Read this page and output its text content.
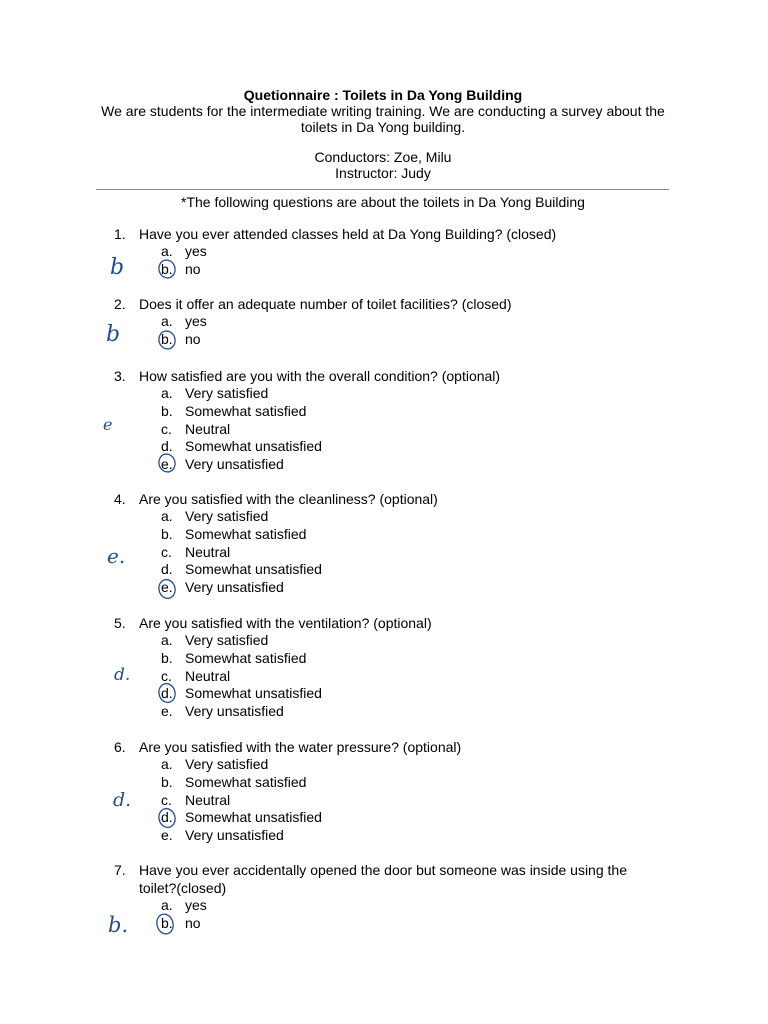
Quetionnaire : Toilets in Da Yong Building
We are students for the intermediate writing training. We are conducting a survey about the toilets in Da Yong building.
Conductors: Zoe, Milu
Instructor: Judy
*The following questions are about the toilets in Da Yong Building
1. Have you ever attended classes held at Da Yong Building? (closed)
a. yes
b. no
2. Does it offer an adequate number of toilet facilities? (closed)
a. yes
b. no
3. How satisfied are you with the overall condition? (optional)
a. Very satisfied
b. Somewhat satisfied
c. Neutral
d. Somewhat unsatisfied
e. Very unsatisfied
4. Are you satisfied with the cleanliness? (optional)
a. Very satisfied
b. Somewhat satisfied
c. Neutral
d. Somewhat unsatisfied
e. Very unsatisfied
5. Are you satisfied with the ventilation? (optional)
a. Very satisfied
b. Somewhat satisfied
c. Neutral
d. Somewhat unsatisfied
e. Very unsatisfied
6. Are you satisfied with the water pressure? (optional)
a. Very satisfied
b. Somewhat satisfied
c. Neutral
d. Somewhat unsatisfied
e. Very unsatisfied
7. Have you ever accidentally opened the door but someone was inside using the toilet?(closed)
a. yes
b. no
b
b
e
e.
d.
d.
b.
